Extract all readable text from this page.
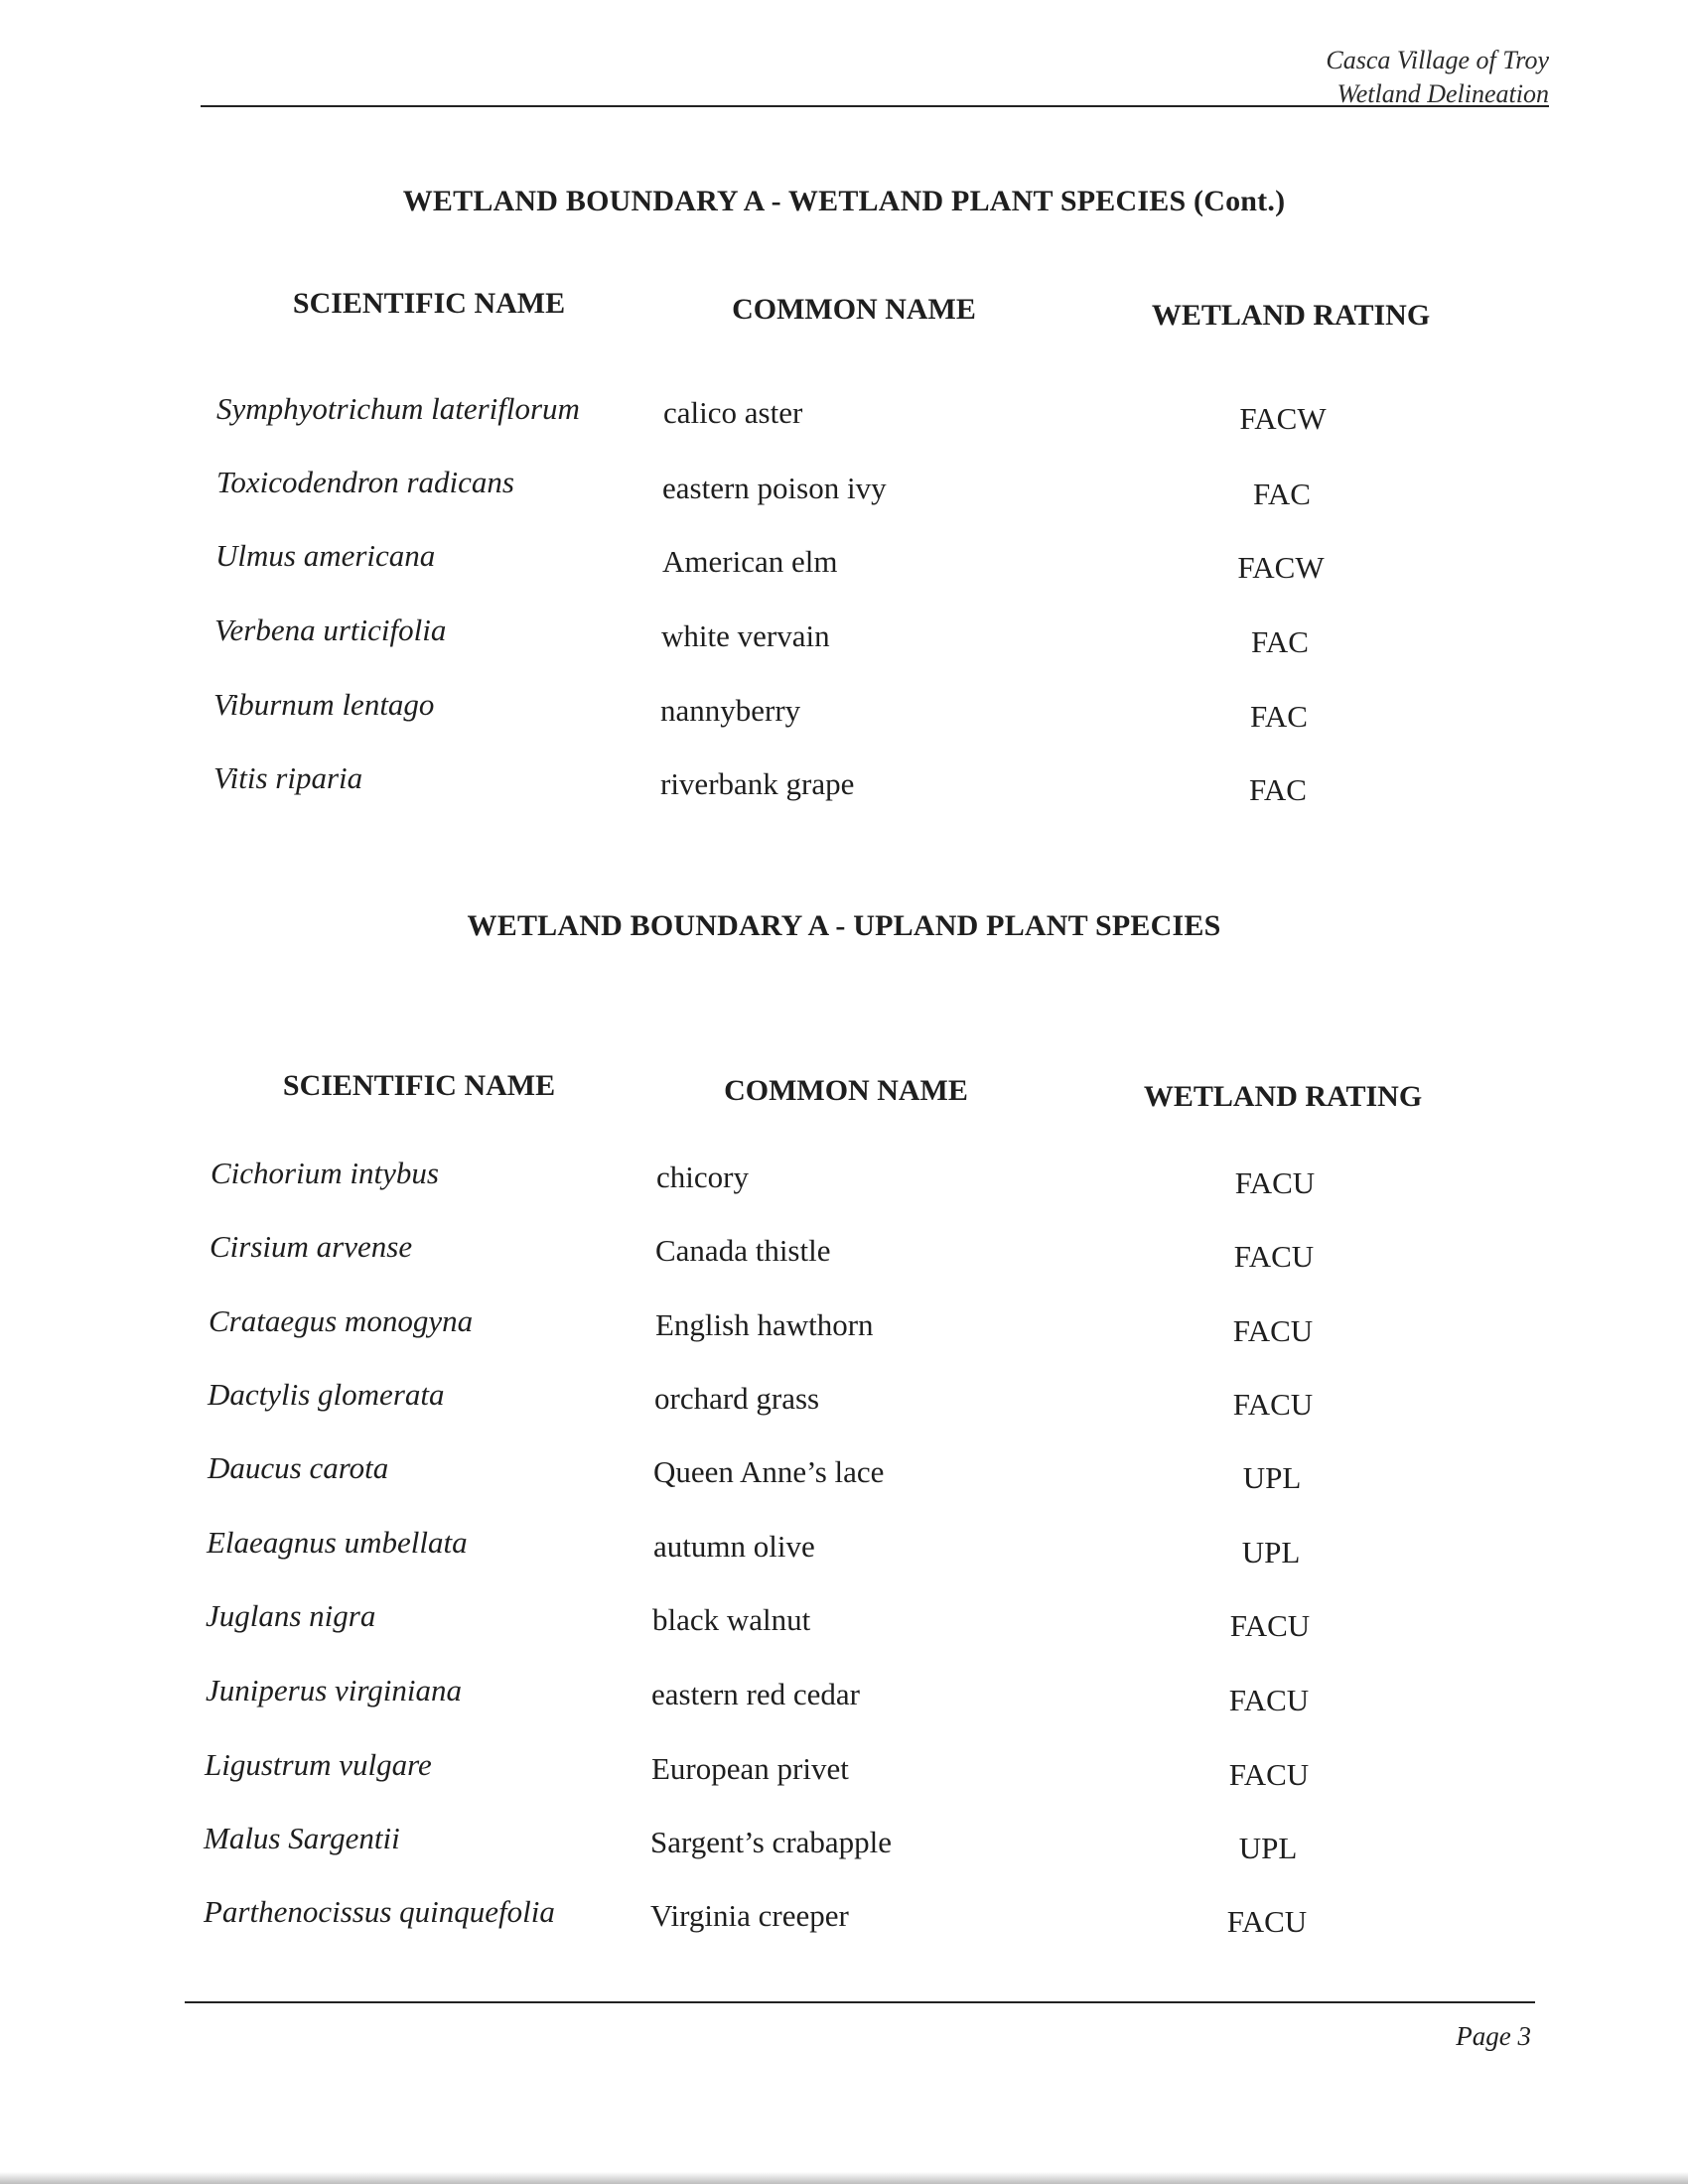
Casca Village of Troy
Wetland Delineation
WETLAND BOUNDARY A - WETLAND PLANT SPECIES (Cont.)
SCIENTIFIC NAME	COMMON NAME	WETLAND RATING
Symphyotrichum lateriflorum	calico aster	FACW
Toxicodendron radicans	eastern poison ivy	FAC
Ulmus americana	American elm	FACW
Verbena urticifolia	white vervain	FAC
Viburnum lentago	nannyberry	FAC
Vitis riparia	riverbank grape	FAC
WETLAND BOUNDARY A - UPLAND PLANT SPECIES
SCIENTIFIC NAME	COMMON NAME	WETLAND RATING
Cichorium intybus	chicory	FACU
Cirsium arvense	Canada thistle	FACU
Crataegus monogyna	English hawthorn	FACU
Dactylis glomerata	orchard grass	FACU
Daucus carota	Queen Anne’s lace	UPL
Elaeagnus umbellata	autumn olive	UPL
Juglans nigra	black walnut	FACU
Juniperus virginiana	eastern red cedar	FACU
Ligustrum vulgare	European privet	FACU
Malus Sargentii	Sargent’s crabapple	UPL
Parthenocissus quinquefolia	Virginia creeper	FACU
Page 3
